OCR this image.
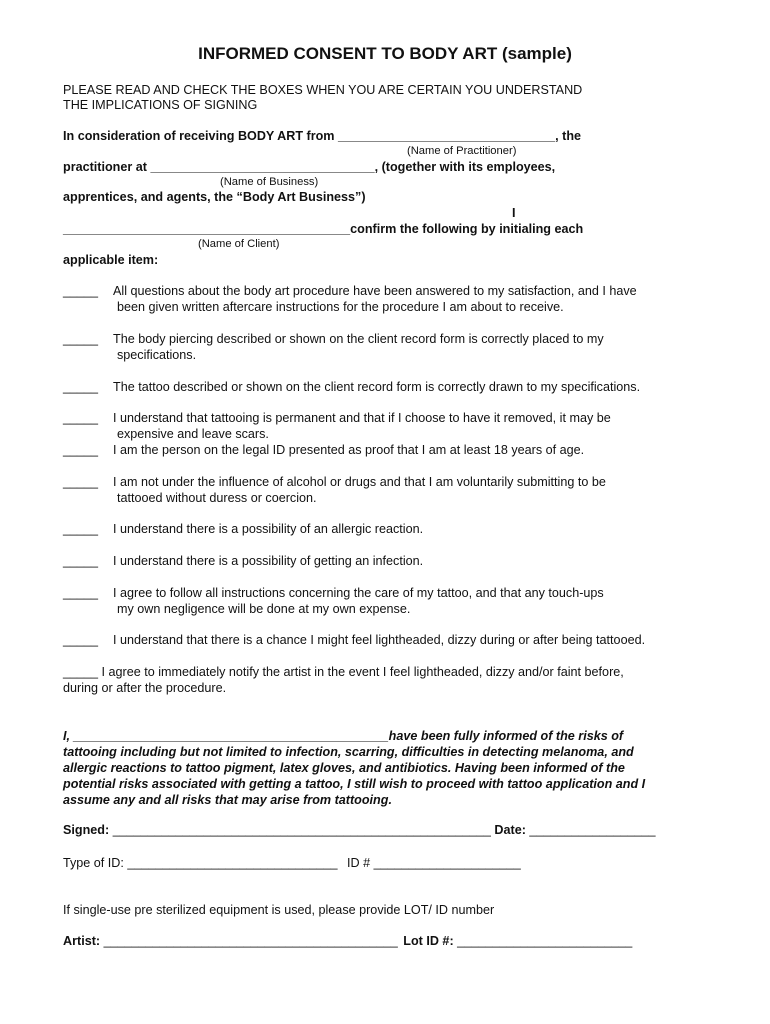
INFORMED CONSENT TO BODY ART (sample)
PLEASE READ AND CHECK THE BOXES WHEN YOU ARE CERTAIN YOU UNDERSTAND
THE IMPLICATIONS OF SIGNING
In consideration of receiving BODY ART from _______________________________, the
(Name of Practitioner)
practitioner at ________________________________, (together with its employees,
(Name of Business)
apprentices, and agents, the “Body Art Business”)
I
_________________________________________confirm the following by initialing each
(Name of Client)
applicable item:
_____ All questions about the body art procedure have been answered to my satisfaction, and I have
been given written aftercare instructions for the procedure I am about to receive.
_____ The body piercing described or shown on the client record form is correctly placed to my
specifications.
_____ The tattoo described or shown on the client record form is correctly drawn to my specifications.
_____ I understand that tattooing is permanent and that if I choose to have it removed, it may be
expensive and leave scars.
_____ I am the person on the legal ID presented as proof that I am at least 18 years of age.
_____ I am not under the influence of alcohol or drugs and that I am voluntarily submitting to be
tattooed without duress or coercion.
_____ I understand there is a possibility of an allergic reaction.
_____ I understand there is a possibility of getting an infection.
_____ I agree to follow all instructions concerning the care of my tattoo, and that any touch-ups
my own negligence will be done at my own expense.
_____ I understand that there is a chance I might feel lightheaded, dizzy during or after being tattooed.
_____ I agree to immediately notify the artist in the event I feel lightheaded, dizzy and/or faint before,
during or after the procedure.
I, _____________________________________________have been fully informed of the risks of
tattooing including but not limited to infection, scarring, difficulties in detecting melanoma, and
allergic reactions to tattoo pigment, latex gloves, and antibiotics. Having been informed of the
potential risks associated with getting a tattoo, I still wish to proceed with tattoo application and I
assume any and all risks that may arise from tattooing.
Signed: ______________________________________________________ Date: __________________
Type of ID: ______________________________ ID # _____________________
If single-use pre sterilized equipment is used, please provide LOT/ ID number
Artist: __________________________________________ Lot ID #: _________________________
